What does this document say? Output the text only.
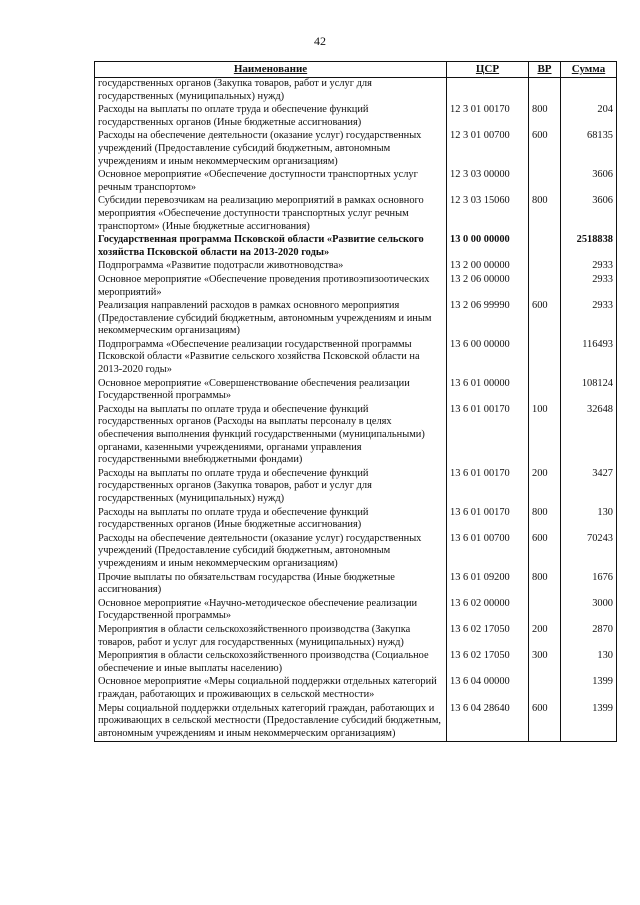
42
Наименование	ЦСР	ВР	Сумма
государственных органов (Закупка товаров, работ и услуг для государственных (муниципальных) нужд)			
Расходы на выплаты по оплате труда и обеспечение функций государственных органов (Иные бюджетные ассигнования)	12 3 01 00170	800	204
Расходы на обеспечение деятельности (оказание услуг) государственных учреждений (Предоставление субсидий бюджетным, автономным учреждениям и иным некоммерческим организациям)	12 3 01 00700	600	68135
Основное мероприятие «Обеспечение доступности транспортных услуг речным транспортом»	12 3 03 00000		3606
Субсидии перевозчикам на реализацию мероприятий в рамках основного мероприятия «Обеспечение доступности транспортных услуг речным транспортом» (Иные бюджетные ассигнования)	12 3 03 15060	800	3606
Государственная программа Псковской области «Развитие сельского хозяйства Псковской области на 2013-2020 годы»	13 0 00 00000		2518838
Подпрограмма «Развитие подотрасли животноводства»	13 2 00 00000		2933
Основное мероприятие «Обеспечение проведения противоэпизоотических мероприятий»	13 2 06 00000		2933
Реализация направлений расходов в рамках основного мероприятия (Предоставление субсидий бюджетным, автономным учреждениям и иным некоммерческим организациям)	13 2 06 99990	600	2933
Подпрограмма «Обеспечение реализации государственной программы Псковской области «Развитие сельского хозяйства Псковской области на 2013-2020 годы»	13 6 00 00000		116493
Основное мероприятие «Совершенствование обеспечения реализации Государственной программы»	13 6 01 00000		108124
Расходы на выплаты по оплате труда и обеспечение функций государственных органов (Расходы на выплаты персоналу в целях обеспечения выполнения функций государственными (муниципальными) органами, казенными учреждениями, органами управления государственными внебюджетными фондами)	13 6 01 00170	100	32648
Расходы на выплаты по оплате труда и обеспечение функций государственных органов (Закупка товаров, работ и услуг для государственных (муниципальных) нужд)	13 6 01 00170	200	3427
Расходы на выплаты по оплате труда и обеспечение функций государственных органов (Иные бюджетные ассигнования)	13 6 01 00170	800	130
Расходы на обеспечение деятельности (оказание услуг) государственных учреждений (Предоставление субсидий бюджетным, автономным учреждениям и иным некоммерческим организациям)	13 6 01 00700	600	70243
Прочие выплаты по обязательствам государства (Иные бюджетные ассигнования)	13 6 01 09200	800	1676
Основное мероприятие «Научно-методическое обеспечение реализации Государственной программы»	13 6 02 00000		3000
Мероприятия в области сельскохозяйственного производства (Закупка товаров, работ и услуг для государственных (муниципальных) нужд)	13 6 02 17050	200	2870
Мероприятия в области сельскохозяйственного производства (Социальное обеспечение и иные выплаты населению)	13 6 02 17050	300	130
Основное мероприятие «Меры социальной поддержки отдельных категорий граждан, работающих и проживающих в сельской местности»	13 6 04 00000		1399
Меры социальной поддержки отдельных категорий граждан, работающих и проживающих в сельской местности (Предоставление субсидий бюджетным, автономным учреждениям и иным некоммерческим организациям)	13 6 04 28640	600	1399
